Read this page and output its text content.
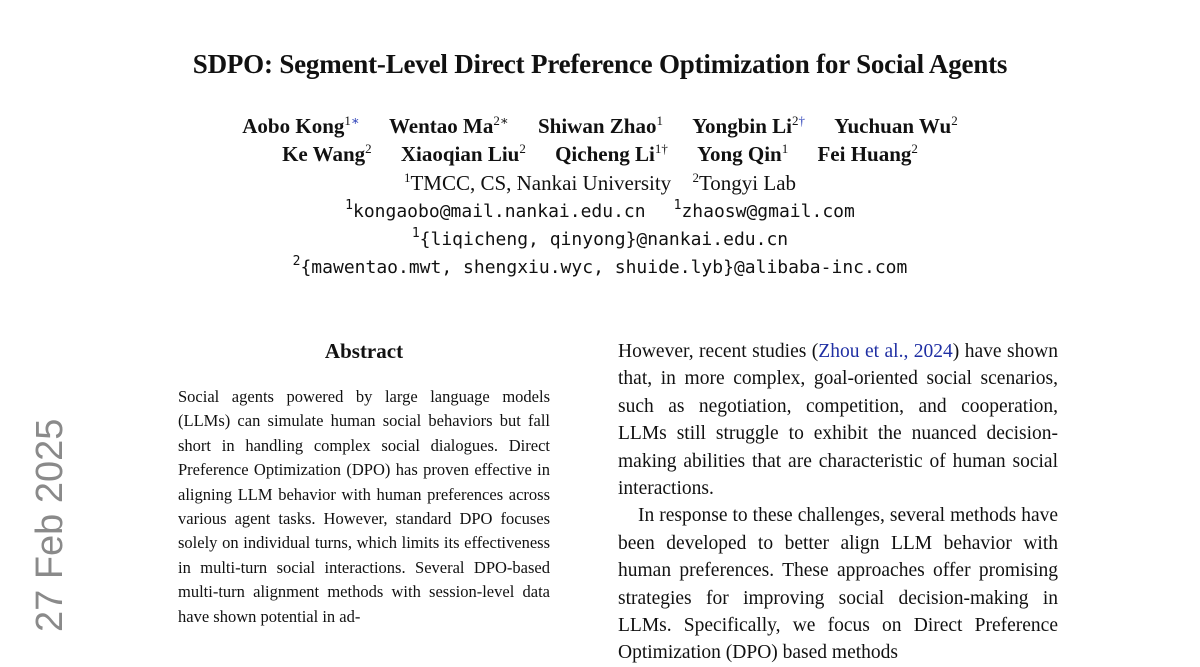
SDPO: Segment-Level Direct Preference Optimization for Social Agents
Aobo Kong$^{1∗}$ Wentao $Ma^{2∗}$ Shiwan Zhao$^1$ Yongbin $Li^{2\dagger}$ Yuchuan Wu$^2$
Ke Wang$^2$ Xiaoqian Liu$^2$ Qicheng $Li^{1\dagger}$ Yong Qin$^1$ Fei Huang$^2$
$^1$TMCC, CS, Nankai University $^2$Tongyi Lab
$^1$kongaobo@mail.nankai.edu.cn $^1$zhaosw@gmail.com
$^1${liqicheng, qinyong}@nankai.edu.cn
$^2${mawentao.mwt, shengxiu.wyc, shuide.lyb}@alibaba-inc.com
27 Feb 2025
Abstract
Social agents powered by large language models (LLMs) can simulate human social behaviors but fall short in handling complex social dialogues. Direct Preference Optimization (DPO) has proven effective in aligning LLM behavior with human preferences across various agent tasks. However, standard DPO focuses solely on individual turns, which limits its effectiveness in multi-turn social interactions. Several DPO-based multi-turn alignment methods with session-level data have shown potential in ad-

However, recent studies (Zhou et al., 2024) have shown that, in more complex, goal-oriented social scenarios, such as negotiation, competition, and cooperation, LLMs still struggle to exhibit the nuanced decision-making abilities that are characteristic of human social interactions.

In response to these challenges, several methods have been developed to better align LLM behavior with human preferences. These approaches offer promising strategies for improving social decision-making in LLMs. Specifically, we focus on Direct Preference Optimization (DPO) based methods
